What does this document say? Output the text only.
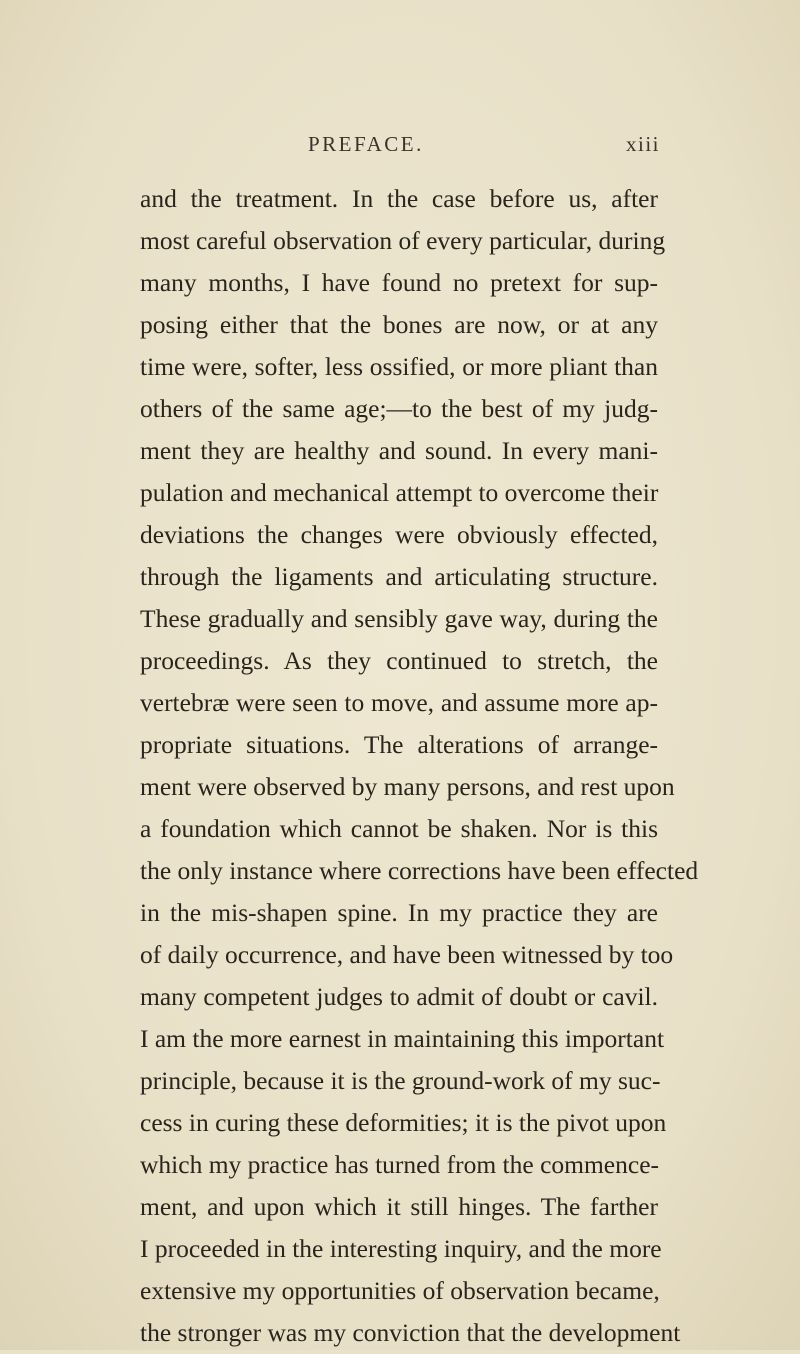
PREFACE.	xiii
and the treatment. In the case before us, after
most careful observation of every particular, during
many months, I have found no pretext for sup-
posing either that the bones are now, or at any
time were, softer, less ossified, or more pliant than
others of the same age;—to the best of my judg-
ment they are healthy and sound. In every mani-
pulation and mechanical attempt to overcome their
deviations the changes were obviously effected,
through the ligaments and articulating structure.
These gradually and sensibly gave way, during the
proceedings. As they continued to stretch, the
vertebræ were seen to move, and assume more ap-
propriate situations. The alterations of arrange-
ment were observed by many persons, and rest upon
a foundation which cannot be shaken. Nor is this
the only instance where corrections have been effected
in the mis-shapen spine. In my practice they are
of daily occurrence, and have been witnessed by too
many competent judges to admit of doubt or cavil.
I am the more earnest in maintaining this important
principle, because it is the ground-work of my suc-
cess in curing these deformities; it is the pivot upon
which my practice has turned from the commence-
ment, and upon which it still hinges. The farther
I proceeded in the interesting inquiry, and the more
extensive my opportunities of observation became,
the stronger was my conviction that the development
